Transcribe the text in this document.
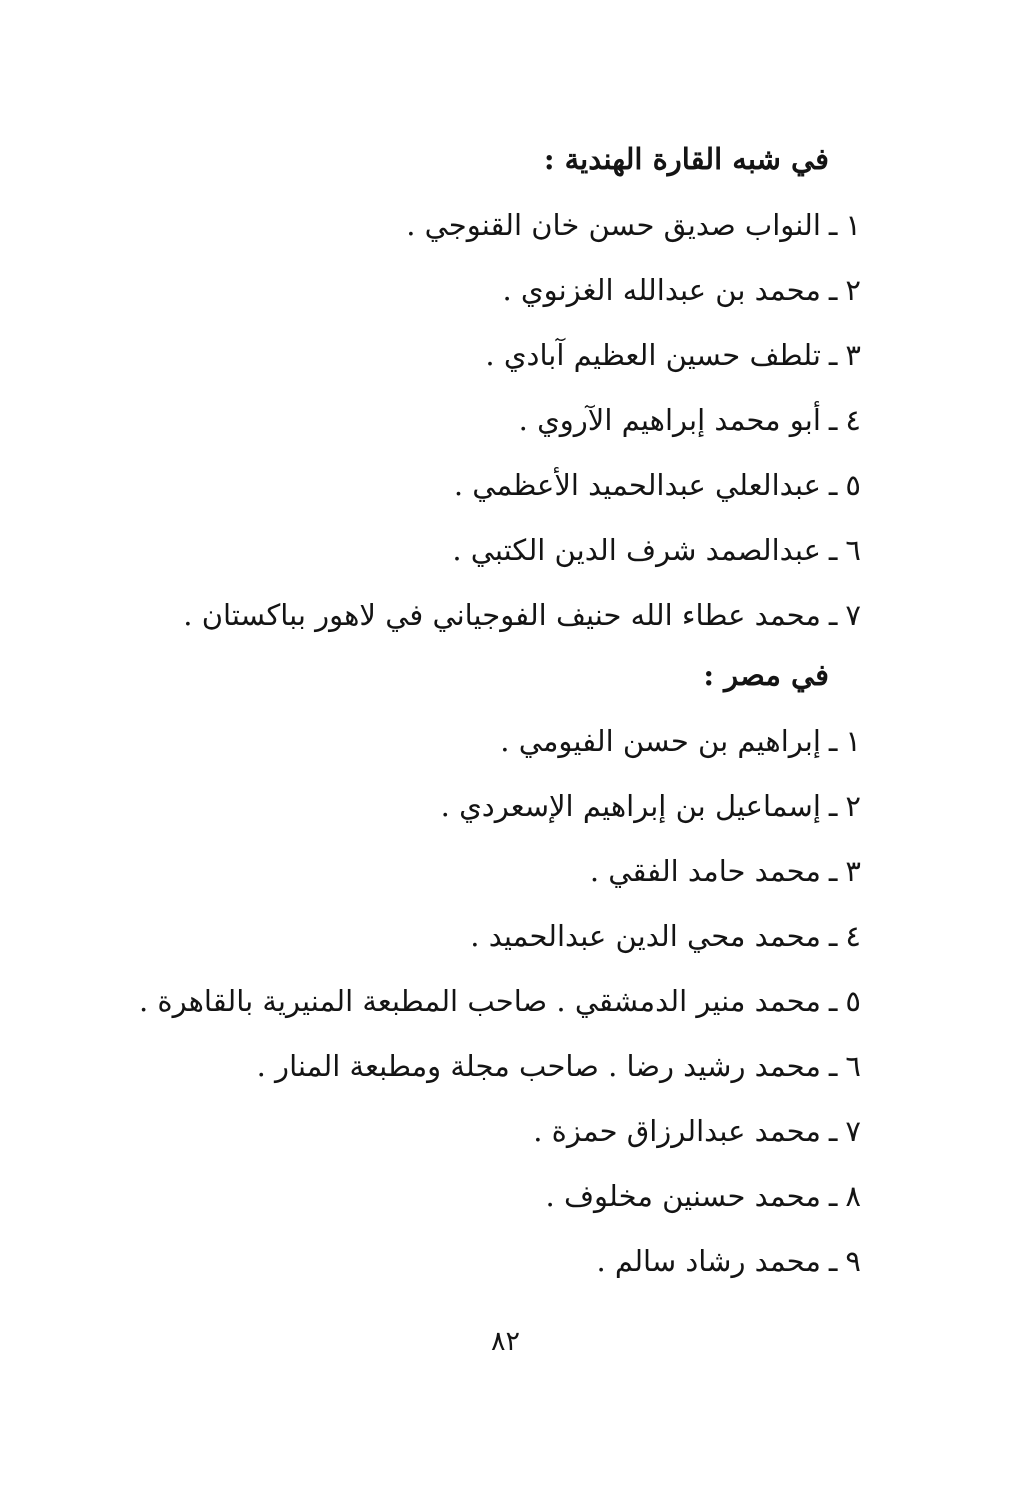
في شبه القارة الهندية :
١ـالنواب صديق حسن خان القنوجي .
٢ـمحمد بن عبدالله الغزنوي .
٣ـتلطف حسين العظيم آبادي .
٤ـأبو محمد إبراهيم الآروي .
٥ـعبدالعلي عبدالحميد الأعظمي .
٦ـعبدالصمد شرف الدين الكتبي .
٧ـمحمد عطاء الله حنيف الفوجياني في لاهور بباكستان .
في مصر :
١ـإبراهيم بن حسن الفيومي .
٢ـإسماعيل بن إبراهيم الإسعردي .
٣ـمحمد حامد الفقي .
٤ـمحمد محي الدين عبدالحميد .
٥ـمحمد منير الدمشقي . صاحب المطبعة المنيرية بالقاهرة .
٦ـمحمد رشيد رضا . صاحب مجلة ومطبعة المنار .
٧ـمحمد عبدالرزاق حمزة .
٨ـمحمد حسنين مخلوف .
٩ـمحمد رشاد سالم .
٨٢
